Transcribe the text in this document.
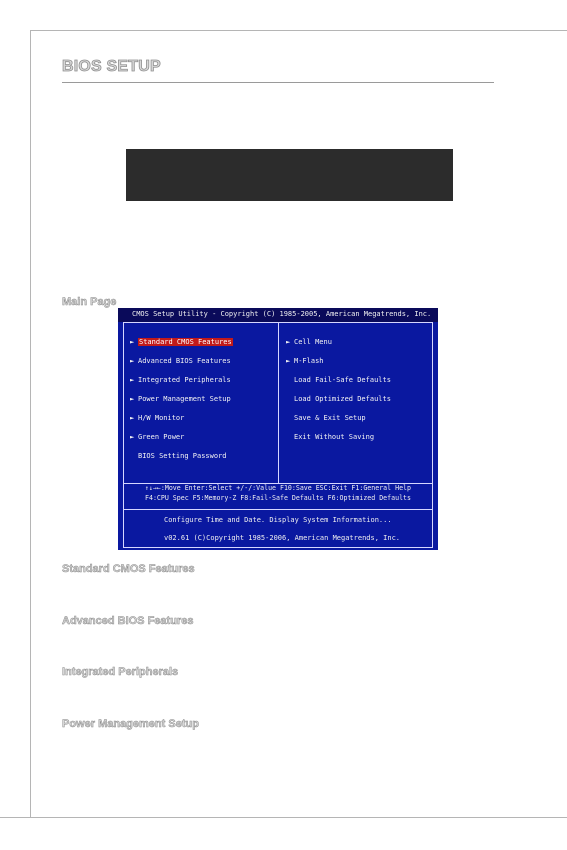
BIOS SETUP
Main Page
CMOS Setup Utility - Copyright (C) 1985-2005, American Megatrends, Inc.
► Standard CMOS Features
► Advanced BIOS Features
► Integrated Peripherals
► Power Management Setup
► H/W Monitor
► Green Power
BIOS Setting Password
► Cell Menu
► M-Flash
Load Fail-Safe Defaults
Load Optimized Defaults
Save & Exit Setup
Exit Without Saving
↑↓→←:Move Enter:Select +/-/:Value F10:Save ESC:Exit F1:General Help
F4:CPU Spec F5:Memory-Z F8:Fail-Safe Defaults F6:Optimized Defaults
Configure Time and Date. Display System Information...
v02.61 (C)Copyright 1985-2006, American Megatrends, Inc.
Standard CMOS Features
Advanced BIOS Features
Integrated Peripherals
Power Management Setup
